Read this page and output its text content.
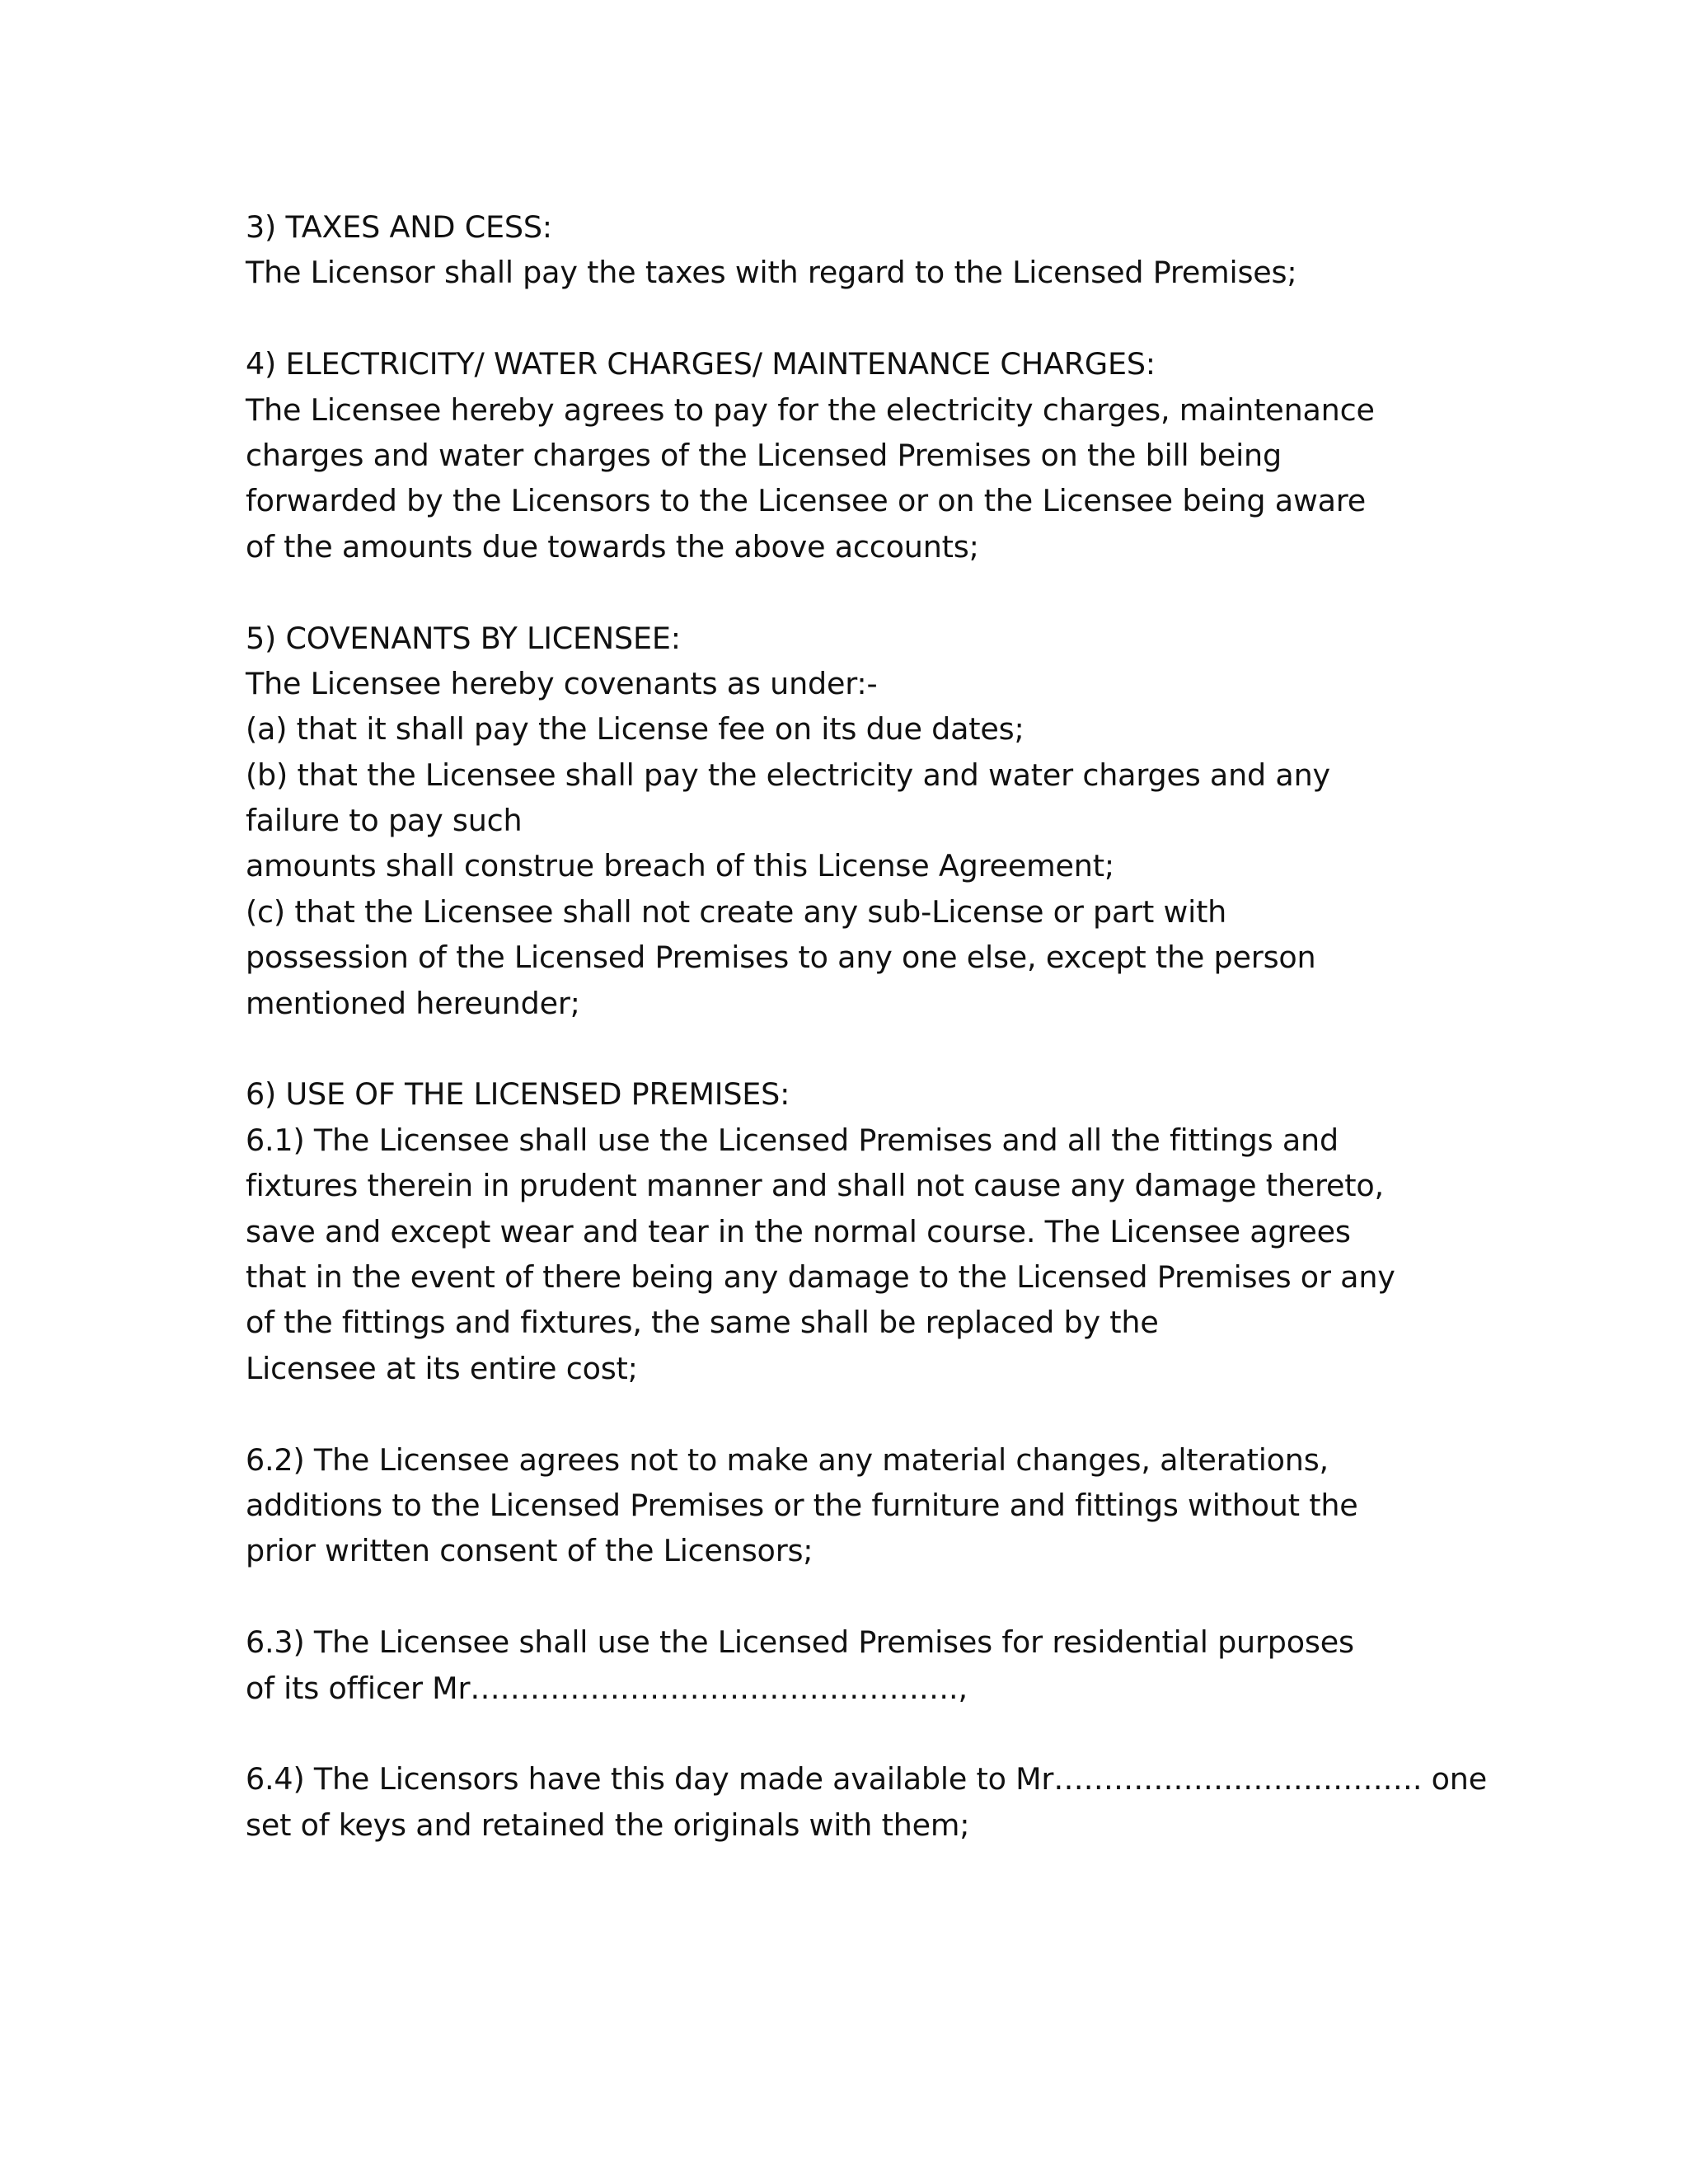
3) TAXES AND CESS:
The Licensor shall pay the taxes with regard to the Licensed Premises;
4) ELECTRICITY/ WATER CHARGES/ MAINTENANCE CHARGES:
The Licensee hereby agrees to pay for the electricity charges, maintenance
charges and water charges of the Licensed Premises on the bill being
forwarded by the Licensors to the Licensee or on the Licensee being aware
of the amounts due towards the above accounts;
5) COVENANTS BY LICENSEE:
The Licensee hereby covenants as under:-
(a) that it shall pay the License fee on its due dates;
(b) that the Licensee shall pay the electricity and water charges and any
failure to pay such
amounts shall construe breach of this License Agreement;
(c) that the Licensee shall not create any sub-License or part with
possession of the Licensed Premises to any one else, except the person
mentioned hereunder;
6) USE OF THE LICENSED PREMISES:
6.1) The Licensee shall use the Licensed Premises and all the fittings and
fixtures therein in prudent manner and shall not cause any damage thereto,
save and except wear and tear in the normal course. The Licensee agrees
that in the event of there being any damage to the Licensed Premises or any
of the fittings and fixtures, the same shall be replaced by the
Licensee at its entire cost;
6.2) The Licensee agrees not to make any material changes, alterations,
additions to the Licensed Premises or the furniture and fittings without the
prior written consent of the Licensors;
6.3) The Licensee shall use the Licensed Premises for residential purposes
of its officer Mr………………………………………….,
6.4) The Licensors have this day made available to Mr………………………………. one
set of keys and retained the originals with them;
